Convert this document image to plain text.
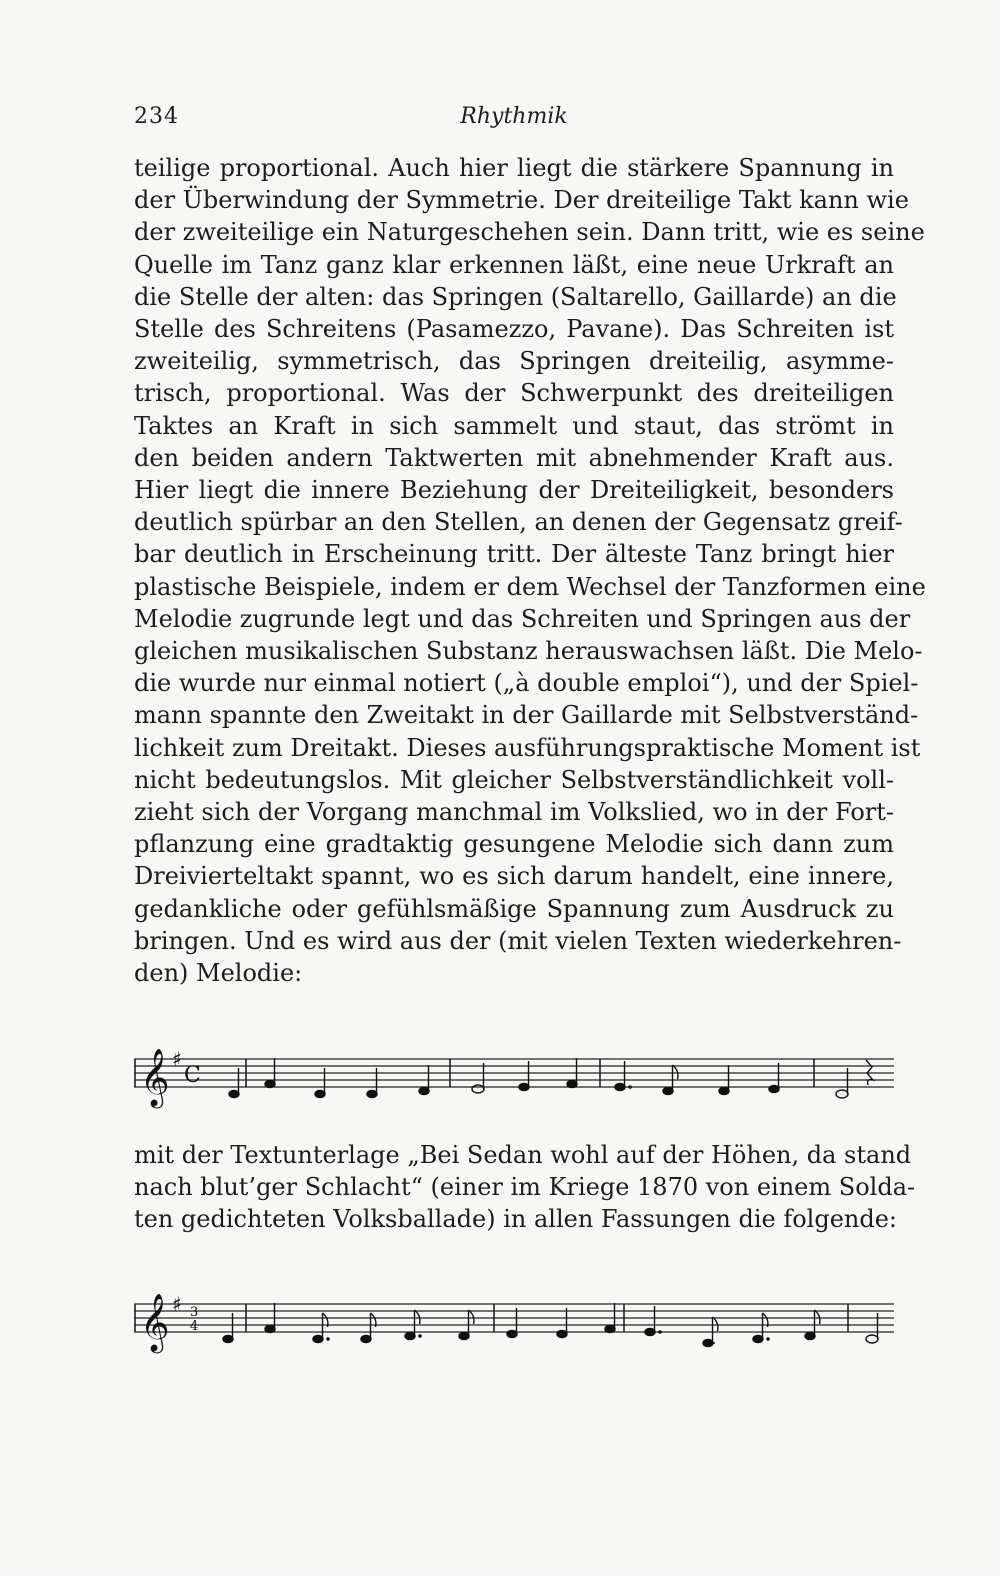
234	Rhythmik
teilige proportional. Auch hier liegt die stärkere Spannung in
der Überwindung der Symmetrie. Der dreiteilige Takt kann wie
der zweiteilige ein Naturgeschehen sein. Dann tritt, wie es seine
Quelle im Tanz ganz klar erkennen läßt, eine neue Urkraft an
die Stelle der alten: das Springen (Saltarello, Gaillarde) an die
Stelle des Schreitens (Pasamezzo, Pavane). Das Schreiten ist
zweiteilig, symmetrisch, das Springen dreiteilig, asymme-
trisch, proportional. Was der Schwerpunkt des dreiteiligen
Taktes an Kraft in sich sammelt und staut, das strömt in
den beiden andern Taktwerten mit abnehmender Kraft aus.
Hier liegt die innere Beziehung der Dreiteiligkeit, besonders
deutlich spürbar an den Stellen, an denen der Gegensatz greif-
bar deutlich in Erscheinung tritt. Der älteste Tanz bringt hier
plastische Beispiele, indem er dem Wechsel der Tanzformen eine
Melodie zugrunde legt und das Schreiten und Springen aus der
gleichen musikalischen Substanz herauswachsen läßt. Die Melo-
die wurde nur einmal notiert („à double emploi“), und der Spiel-
mann spannte den Zweitakt in der Gaillarde mit Selbstverständ-
lichkeit zum Dreitakt. Dieses ausführungspraktische Moment ist
nicht bedeutungslos. Mit gleicher Selbstverständlichkeit voll-
zieht sich der Vorgang manchmal im Volkslied, wo in der Fort-
pflanzung eine gradtaktig gesungene Melodie sich dann zum
Dreivierteltakt spannt, wo es sich darum handelt, eine innere,
gedankliche oder gefühlsmäßige Spannung zum Ausdruck zu
bringen. Und es wird aus der (mit vielen Texten wiederkehren-
den) Melodie:
𝄞 ♯
C
mit der Textunterlage „Bei Sedan wohl auf der Höhen, da stand
nach blut’ger Schlacht“ (einer im Kriege 1870 von einem Solda-
ten gedichteten Volksballade) in allen Fassungen die folgende:
𝄞 ♯ 3
4
